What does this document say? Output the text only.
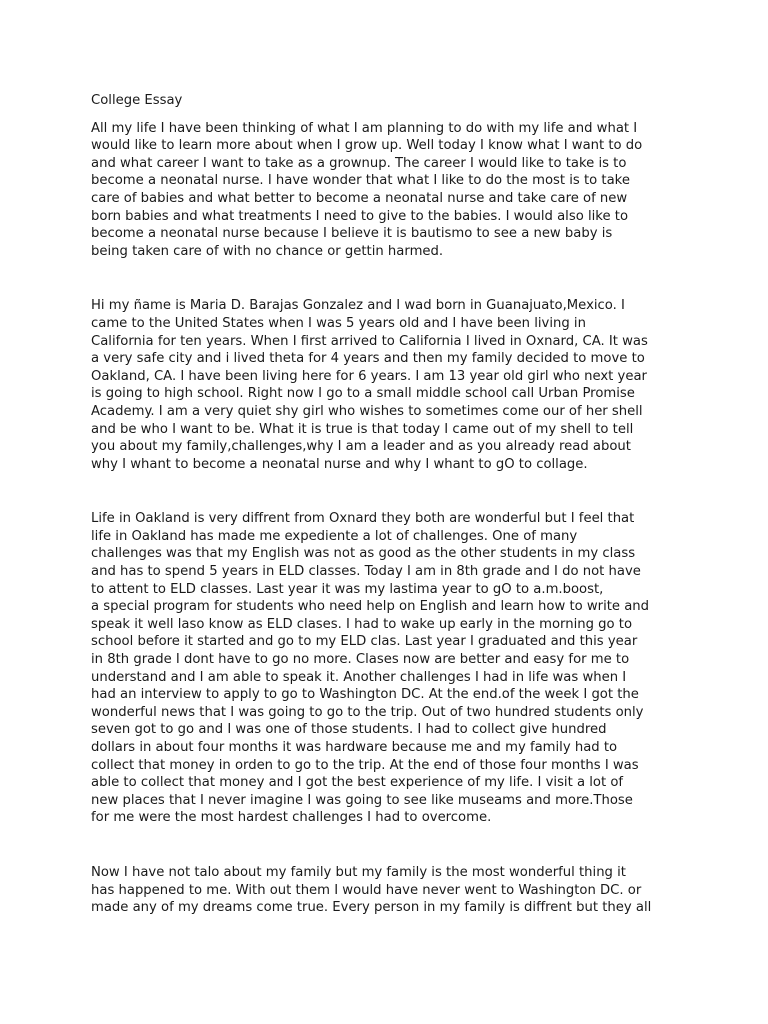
College Essay

All my life I have been thinking of what I am planning to do with my life and what I
would like to learn more about when I grow up. Well today I know what I want to do
and what career I want to take as a grownup. The career I would like to take is to
become a neonatal nurse. I have wonder that what I like to do the most is to take
care of babies and what better to become a neonatal nurse and take care of new
born babies and what treatments I need to give to the babies. I would also like to
become a neonatal nurse because I believe it is bautismo to see a new baby is
being taken care of with no chance or gettin harmed.

Hi my ñame is Maria D. Barajas Gonzalez and I wad born in Guanajuato,Mexico. I
came to the United States when I was 5 years old and I have been living in
California for ten years. When I first arrived to California I lived in Oxnard, CA. It was
a very safe city and i lived theta for 4 years and then my family decided to move to
Oakland, CA. I have been living here for 6 years. I am 13 year old girl who next year
is going to high school. Right now I go to a small middle school call Urban Promise
Academy. I am a very quiet shy girl who wishes to sometimes come our of her shell
and be who I want to be. What it is true is that today I came out of my shell to tell
you about my family,challenges,why I am a leader and as you already read about
why I whant to become a neonatal nurse and why I whant to gO to collage.

Life in Oakland is very diffrent from Oxnard they both are wonderful but I feel that
life in Oakland has made me expediente a lot of challenges. One of many
challenges was that my English was not as good as the other students in my class
and has to spend 5 years in ELD classes. Today I am in 8th grade and I do not have
to attent to ELD classes. Last year it was my lastima year to gO to a.m.boost,
a special program for students who need help on English and learn how to write and
speak it well laso know as ELD clases. I had to wake up early in the morning go to
school before it started and go to my ELD clas. Last year I graduated and this year
in 8th grade I dont have to go no more. Clases now are better and easy for me to
understand and I am able to speak it. Another challenges I had in life was when I
had an interview to apply to go to Washington DC. At the end.of the week I got the
wonderful news that I was going to go to the trip. Out of two hundred students only
seven got to go and I was one of those students. I had to collect give hundred
dollars in about four months it was hardware because me and my family had to
collect that money in orden to go to the trip. At the end of those four months I was
able to collect that money and I got the best experience of my life. I visit a lot of
new places that I never imagine I was going to see like museams and more.Those
for me were the most hardest challenges I had to overcome.

Now I have not talo about my family but my family is the most wonderful thing it
has happened to me. With out them I would have never went to Washington DC. or
made any of my dreams come true. Every person in my family is diffrent but they all
